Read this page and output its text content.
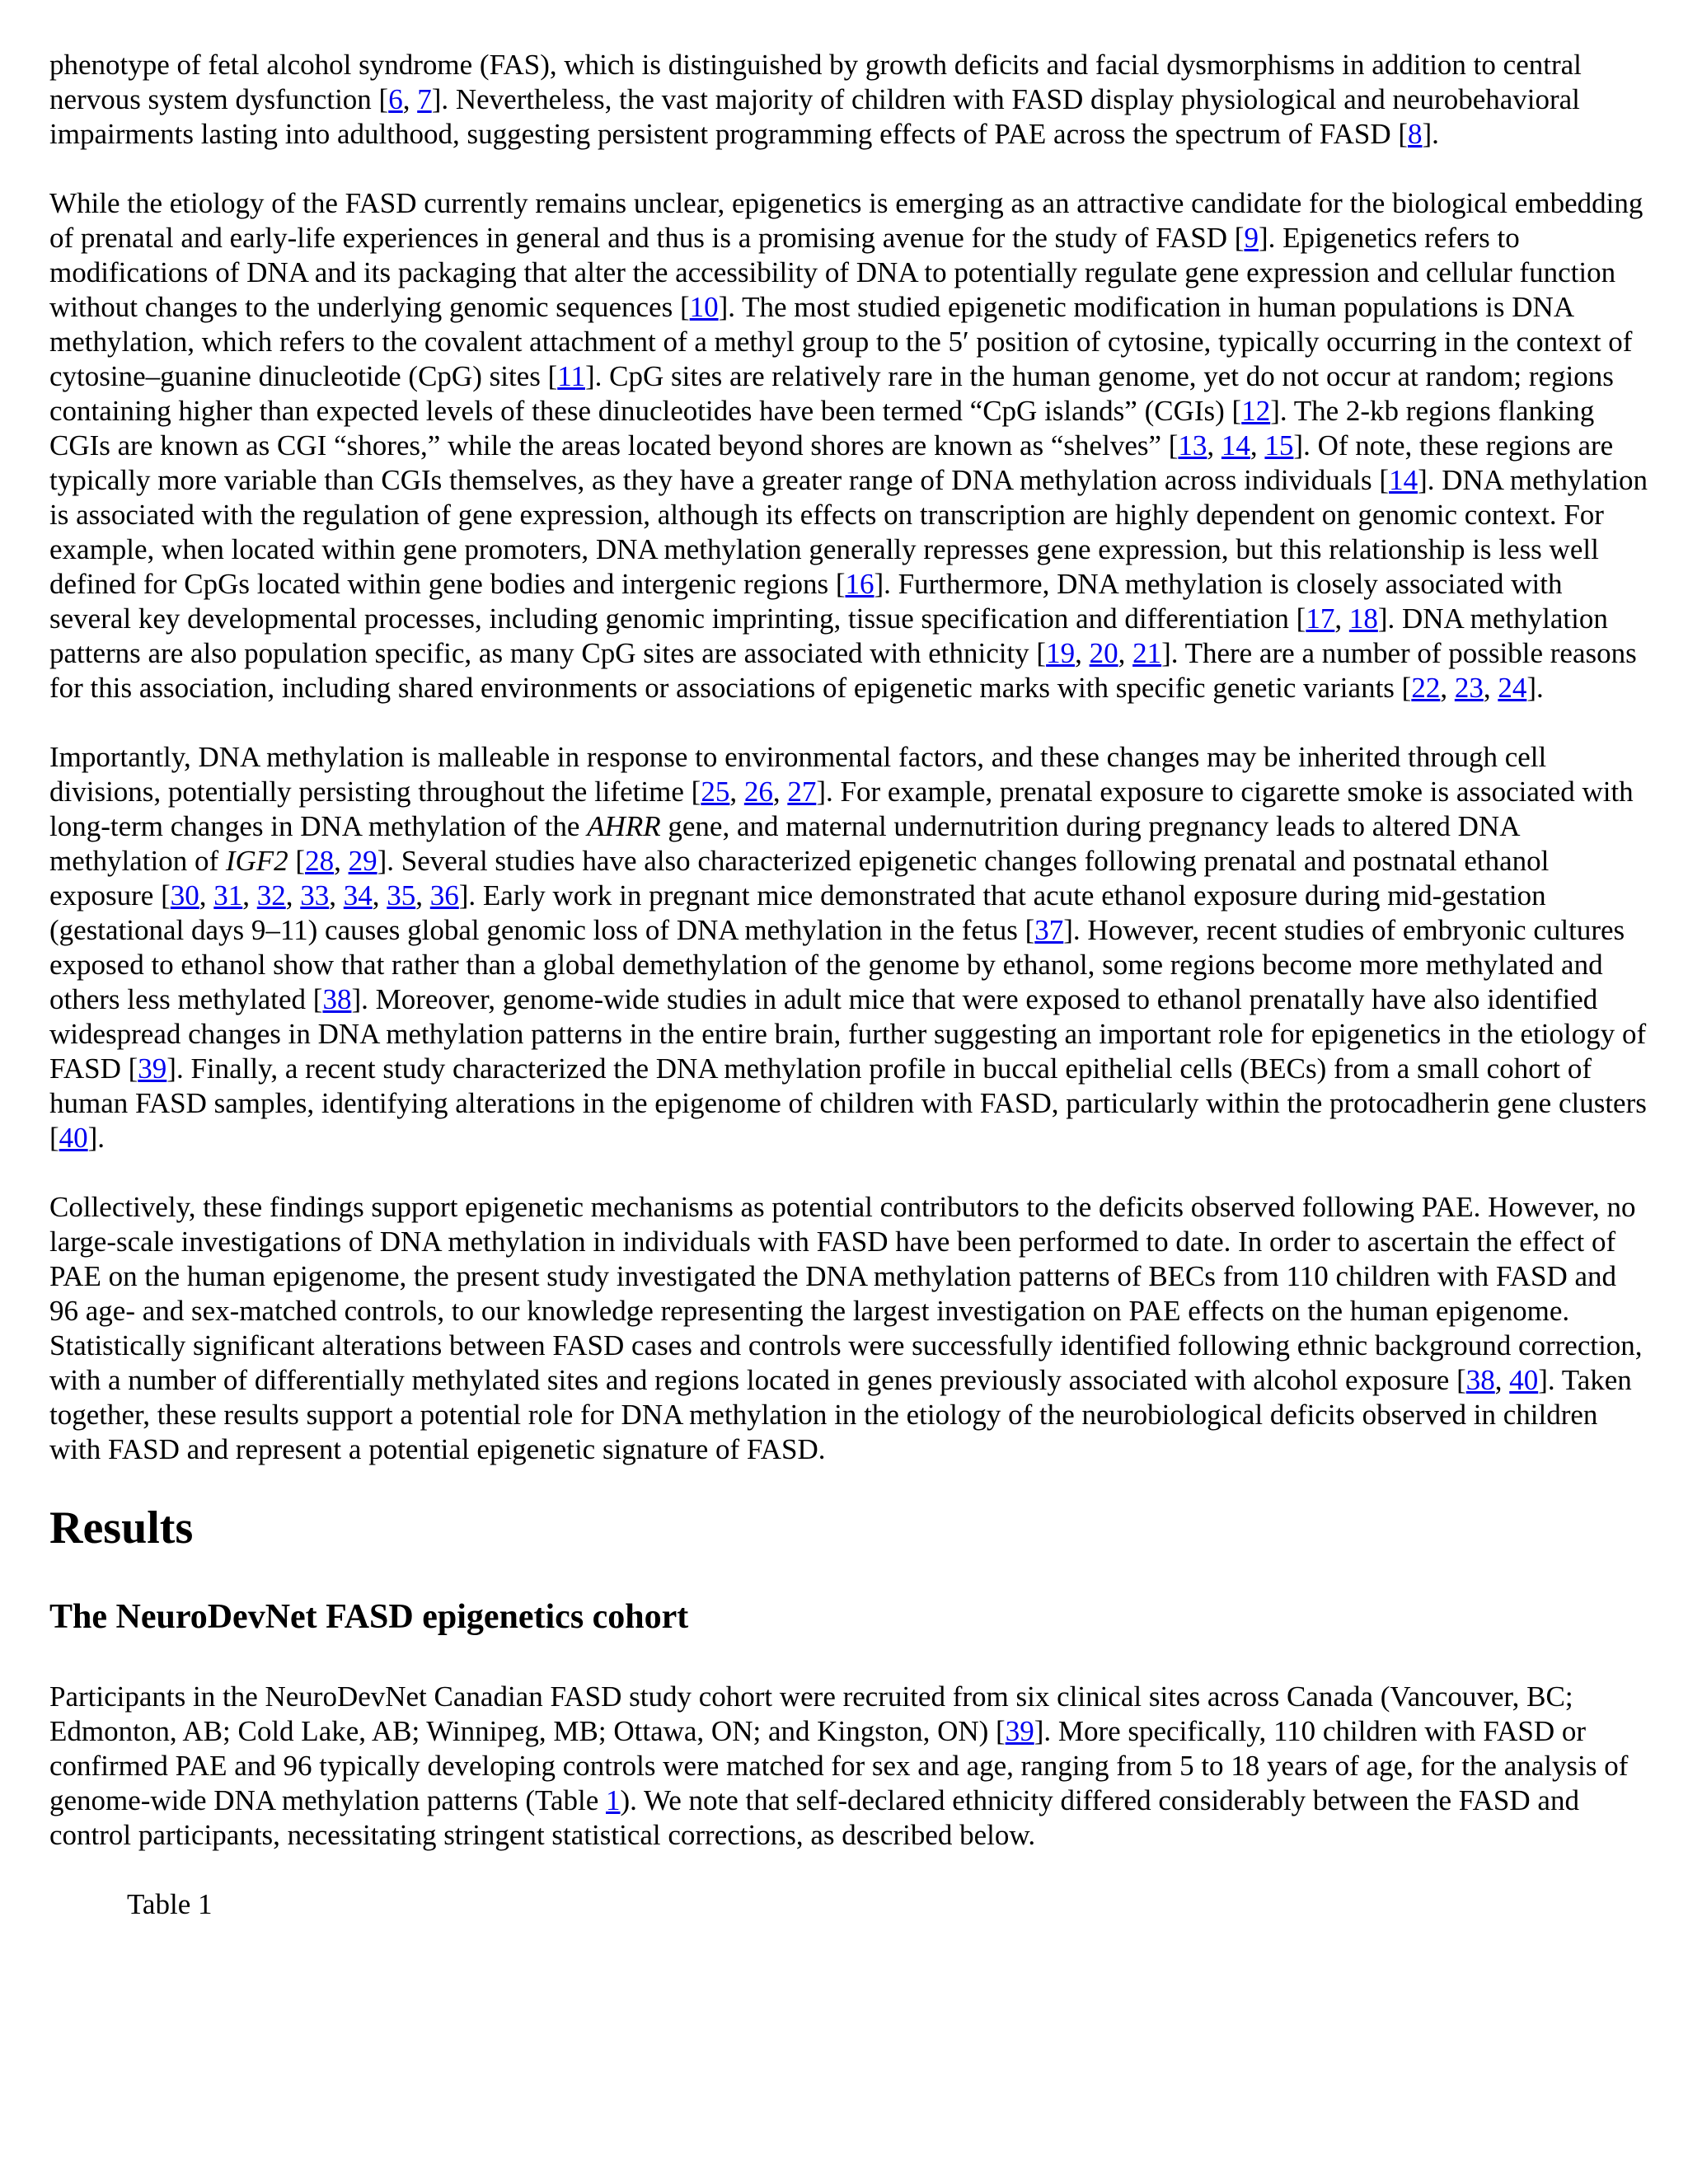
phenotype of fetal alcohol syndrome (FAS), which is distinguished by growth deficits and facial dysmorphisms in addition to central nervous system dysfunction [6, 7]. Nevertheless, the vast majority of children with FASD display physiological and neurobehavioral impairments lasting into adulthood, suggesting persistent programming effects of PAE across the spectrum of FASD [8].

While the etiology of the FASD currently remains unclear, epigenetics is emerging as an attractive candidate for the biological embedding of prenatal and early-life experiences in general and thus is a promising avenue for the study of FASD [9]. Epigenetics refers to modifications of DNA and its packaging that alter the accessibility of DNA to potentially regulate gene expression and cellular function without changes to the underlying genomic sequences [10]. The most studied epigenetic modification in human populations is DNA methylation, which refers to the covalent attachment of a methyl group to the 5′ position of cytosine, typically occurring in the context of cytosine–guanine dinucleotide (CpG) sites [11]. CpG sites are relatively rare in the human genome, yet do not occur at random; regions containing higher than expected levels of these dinucleotides have been termed “CpG islands” (CGIs) [12]. The 2-kb regions flanking CGIs are known as CGI “shores,” while the areas located beyond shores are known as “shelves” [13, 14, 15]. Of note, these regions are typically more variable than CGIs themselves, as they have a greater range of DNA methylation across individuals [14]. DNA methylation is associated with the regulation of gene expression, although its effects on transcription are highly dependent on genomic context. For example, when located within gene promoters, DNA methylation generally represses gene expression, but this relationship is less well defined for CpGs located within gene bodies and intergenic regions [16]. Furthermore, DNA methylation is closely associated with several key developmental processes, including genomic imprinting, tissue specification and differentiation [17, 18]. DNA methylation patterns are also population specific, as many CpG sites are associated with ethnicity [19, 20, 21]. There are a number of possible reasons for this association, including shared environments or associations of epigenetic marks with specific genetic variants [22, 23, 24].

Importantly, DNA methylation is malleable in response to environmental factors, and these changes may be inherited through cell divisions, potentially persisting throughout the lifetime [25, 26, 27]. For example, prenatal exposure to cigarette smoke is associated with long-term changes in DNA methylation of the AHRR gene, and maternal undernutrition during pregnancy leads to altered DNA methylation of IGF2 [28, 29]. Several studies have also characterized epigenetic changes following prenatal and postnatal ethanol exposure [30, 31, 32, 33, 34, 35, 36]. Early work in pregnant mice demonstrated that acute ethanol exposure during mid-gestation (gestational days 9–11) causes global genomic loss of DNA methylation in the fetus [37]. However, recent studies of embryonic cultures exposed to ethanol show that rather than a global demethylation of the genome by ethanol, some regions become more methylated and others less methylated [38]. Moreover, genome-wide studies in adult mice that were exposed to ethanol prenatally have also identified widespread changes in DNA methylation patterns in the entire brain, further suggesting an important role for epigenetics in the etiology of FASD [39]. Finally, a recent study characterized the DNA methylation profile in buccal epithelial cells (BECs) from a small cohort of human FASD samples, identifying alterations in the epigenome of children with FASD, particularly within the protocadherin gene clusters [40].

Collectively, these findings support epigenetic mechanisms as potential contributors to the deficits observed following PAE. However, no large-scale investigations of DNA methylation in individuals with FASD have been performed to date. In order to ascertain the effect of PAE on the human epigenome, the present study investigated the DNA methylation patterns of BECs from 110 children with FASD and 96 age- and sex-matched controls, to our knowledge representing the largest investigation on PAE effects on the human epigenome. Statistically significant alterations between FASD cases and controls were successfully identified following ethnic background correction, with a number of differentially methylated sites and regions located in genes previously associated with alcohol exposure [38, 40]. Taken together, these results support a potential role for DNA methylation in the etiology of the neurobiological deficits observed in children with FASD and represent a potential epigenetic signature of FASD.

Results
The NeuroDevNet FASD epigenetics cohort

Participants in the NeuroDevNet Canadian FASD study cohort were recruited from six clinical sites across Canada (Vancouver, BC; Edmonton, AB; Cold Lake, AB; Winnipeg, MB; Ottawa, ON; and Kingston, ON) [39]. More specifically, 110 children with FASD or confirmed PAE and 96 typically developing controls were matched for sex and age, ranging from 5 to 18 years of age, for the analysis of genome-wide DNA methylation patterns (Table 1). We note that self-declared ethnicity differed considerably between the FASD and control participants, necessitating stringent statistical corrections, as described below.

Table 1
